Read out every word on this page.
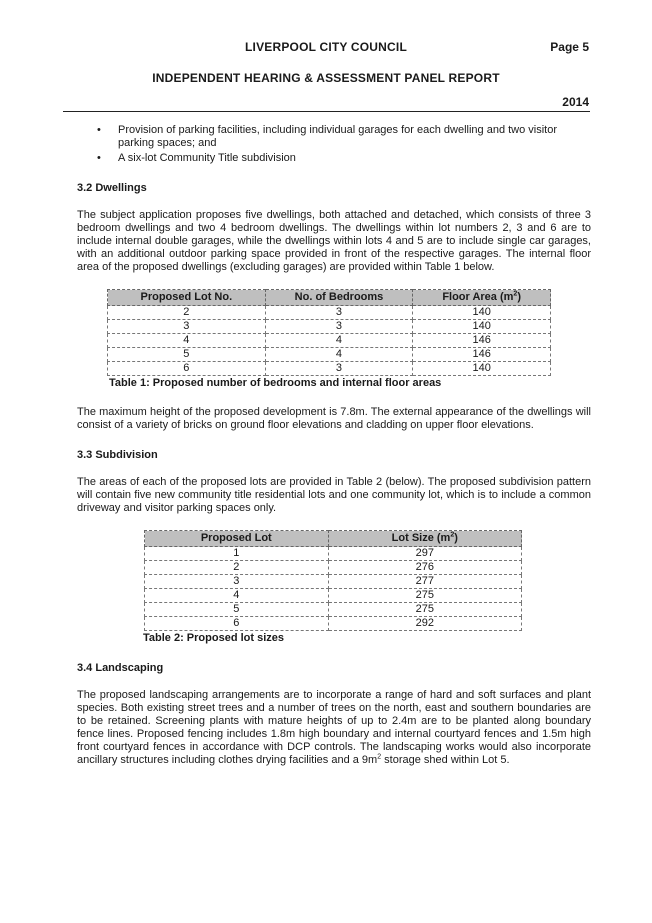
LIVERPOOL CITY COUNCIL	Page 5
INDEPENDENT HEARING & ASSESSMENT PANEL REPORT
2014
• Provision of parking facilities, including individual garages for each dwelling and two visitor parking spaces; and
• A six-lot Community Title subdivision
3.2 Dwellings

The subject application proposes five dwellings, both attached and detached, which consists of three 3 bedroom dwellings and two 4 bedroom dwellings. The dwellings within lot numbers 2, 3 and 6 are to include internal double garages, while the dwellings within lots 4 and 5 are to include single car garages, with an additional outdoor parking space provided in front of the respective garages. The internal floor area of the proposed dwellings (excluding garages) are provided within Table 1 below.

Proposed Lot No.	No. of Bedrooms	Floor Area $(m^2)$
2	3	140
3	3	140
4	4	146
5	4	146
6	3	140
Table 1: Proposed number of bedrooms and internal floor areas

The maximum height of the proposed development is 7.8m. The external appearance of the dwellings will consist of a variety of bricks on ground floor elevations and cladding on upper floor elevations.

3.3 Subdivision

The areas of each of the proposed lots are provided in Table 2 (below). The proposed subdivision pattern will contain five new community title residential lots and one community lot, which is to include a common driveway and visitor parking spaces only.

Proposed Lot	Lot Size $(m^2)$
1	297
2	276
3	277
4	275
5	275
6	292
Table 2: Proposed lot sizes
3.4 Landscaping

The proposed landscaping arrangements are to incorporate a range of hard and soft surfaces and plant species. Both existing street trees and a number of trees on the north, east and southern boundaries are to be retained. Screening plants with mature heights of up to 2.4m are to be planted along boundary fence lines. Proposed fencing includes 1.8m high boundary and internal courtyard fences and 1.5m high front courtyard fences in accordance with DCP controls. The landscaping works would also incorporate ancillary structures including clothes drying facilities and a $9m^2$ storage shed within Lot 5.
